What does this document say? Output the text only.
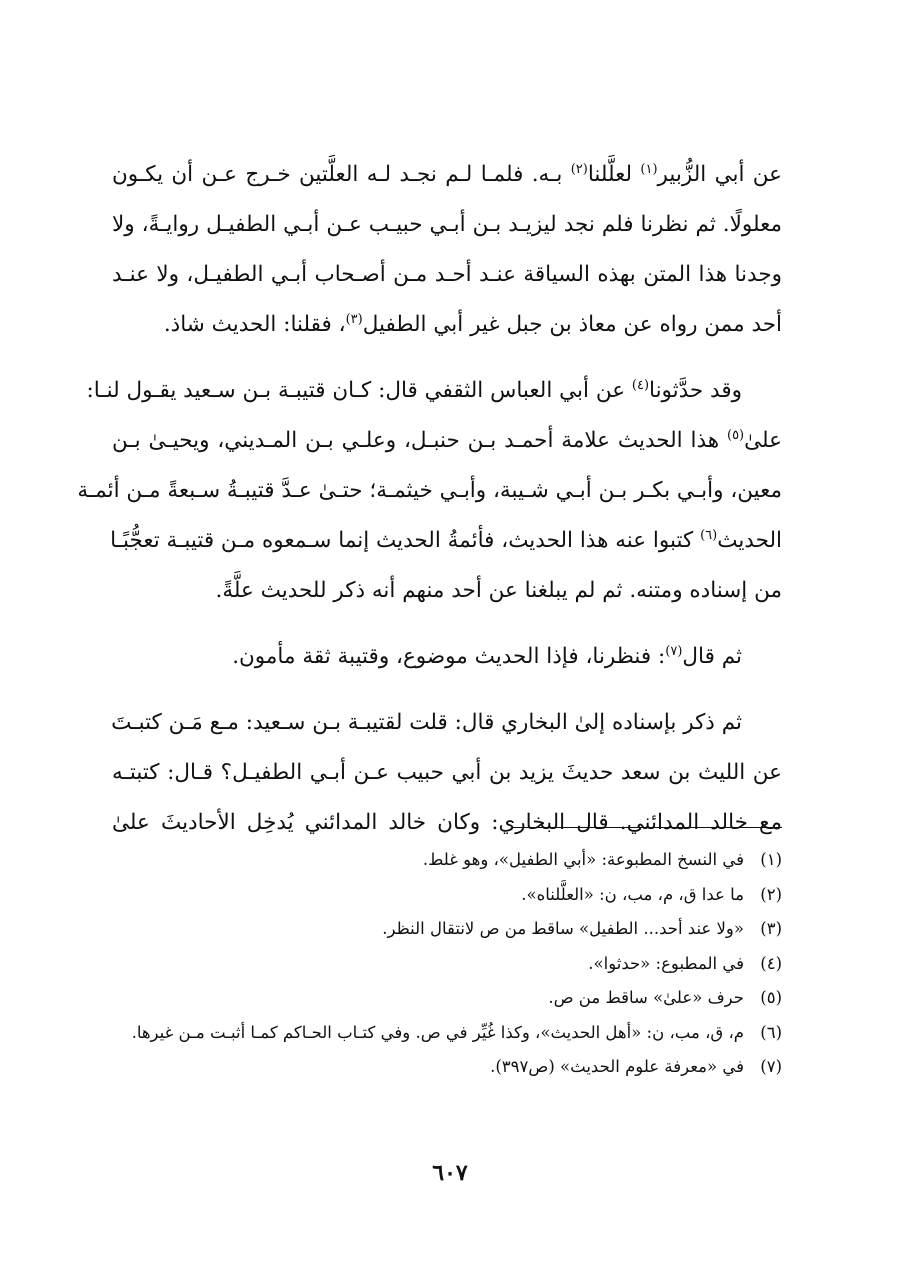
عن أبي الزُّبير$^{(١)}$ لعلَّلنا$^{(٢)}$ بـه. فلمـا لـم نجـد لـه العلَّتين خـرج عـن أن يكـون
معلولًا. ثم نظرنا فلم نجد ليزيـد بـن أبـي حبيـب عـن أبـي الطفيـل روايـةً، ولا
وجدنا هذا المتن بهذه السياقة عنـد أحـد مـن أصـحاب أبـي الطفيـل، ولا عنـد
أحد ممن رواه عن معاذ بن جبل غير أبي الطفيل$^{(٣)}$، فقلنا: الحديث شاذ.

وقد حدَّثونا$^{(٤)}$ عن أبي العباس الثقفي قال: كـان قتيبـة بـن سـعيد يقـول لنـا:
علىٰ$^{(٥)}$ هذا الحديث علامة أحمـد بـن حنبـل، وعلـي بـن المـديني، ويحيـىٰ بـن
معين، وأبـي بكـر بـن أبـي شـيبة، وأبـي خيثمـة؛ حتـىٰ عـدَّ قتيبـةُ سـبعةً مـن أئمـة
الحديث$^{(٦)}$ كتبوا عنه هذا الحديث، فأئمةُ الحديث إنما سـمعوه مـن قتيبـة تعجُّبًـا
من إسناده ومتنه. ثم لم يبلغنا عن أحد منهم أنه ذكر للحديث علَّةً.

ثم قال$^{(٧)}$: فنظرنا، فإذا الحديث موضوع، وقتيبة ثقة مأمون.

ثم ذكر بإسناده إلىٰ البخاري قال: قلت لقتيبـة بـن سـعيد: مـع مَـن كتبـتَ
عن الليث بن سعد حديثَ يزيد بن أبي حبيب عـن أبـي الطفيـل؟ قـال: كتبتـه
مع خالد المدائني. قال البخاري: وكان خالد المدائني يُدخِل الأحاديثَ علىٰ

(١)
في النسخ المطبوعة: «أبي الطفيل»، وهو غلط.
(٢)
ما عدا ق، م، مب، ن: «العلَّلناه».
(٣)
«ولا عند أحد... الطفيل» ساقط من ص لانتقال النظر.
(٤)
في المطبوع: «حدثوا».
(٥)
حرف «علىٰ» ساقط من ص.
(٦)
م، ق، مب، ن: «أهل الحديث»، وكذا غُيِّر في ص. وفي كتـاب الحـاكم كمـا أثبـت مـن غيرها.
(٧)
في «معرفة علوم الحديث» (ص٣٩٧).
٦٠٧
